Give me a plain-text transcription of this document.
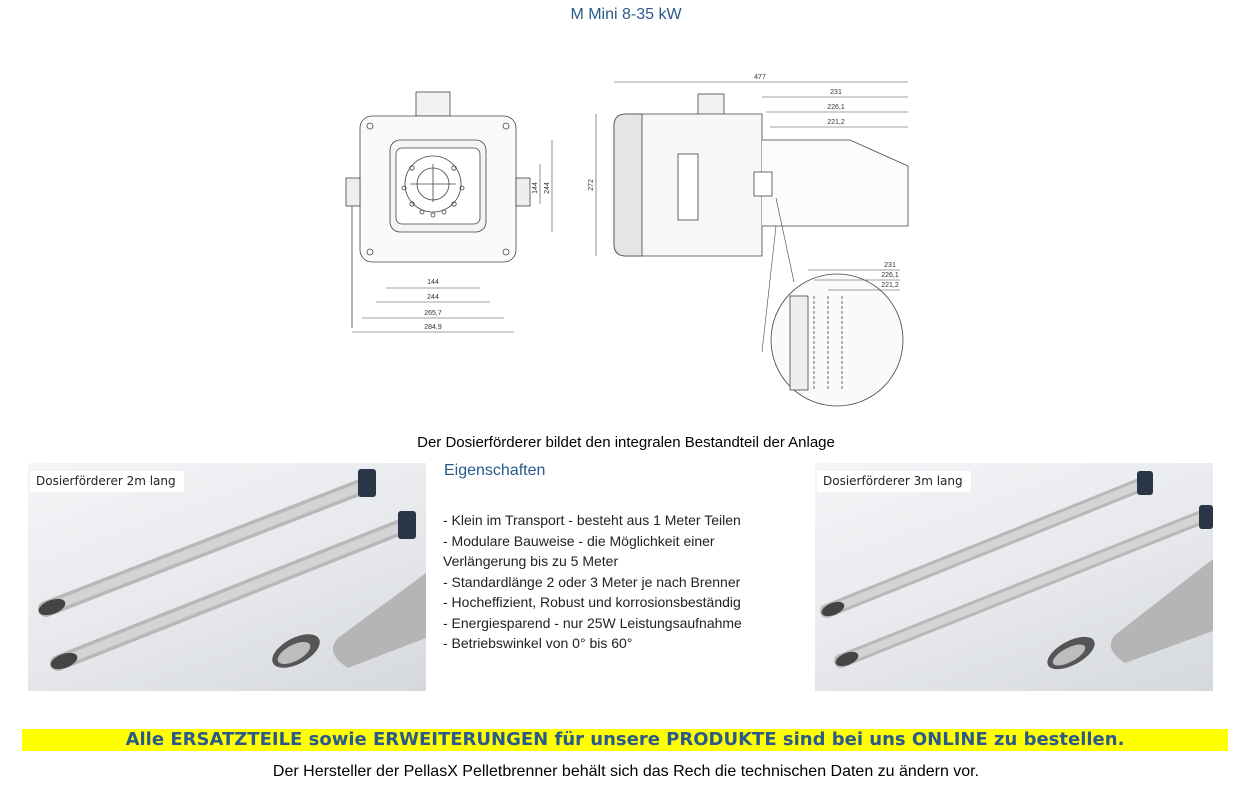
M Mini 8-35 kW
144 244
144
244
265,7
284,9
272
477
231
226,1
221,2
231
226,1
221,2
Der Dosierförderer bildet den integralen Bestandteil der Anlage
Dosierförderer 2m lang
Eigenschaften
- Klein im Transport - besteht aus 1 Meter Teilen
- Modulare Bauweise - die Möglichkeit einer
Verlängerung bis zu 5 Meter
- Standardlänge 2 oder 3 Meter je nach Brenner
- Hocheffizient, Robust und korrosionsbeständig
- Energiesparend - nur 25W Leistungsaufnahme
- Betriebswinkel von 0° bis 60°
Dosierförderer 3m lang
Alle ERSATZTEILE sowie ERWEITERUNGEN für unsere PRODUKTE sind bei uns ONLINE zu bestellen.
Der Hersteller der PellasX Pelletbrenner behält sich das Rech die technischen Daten zu ändern vor.
